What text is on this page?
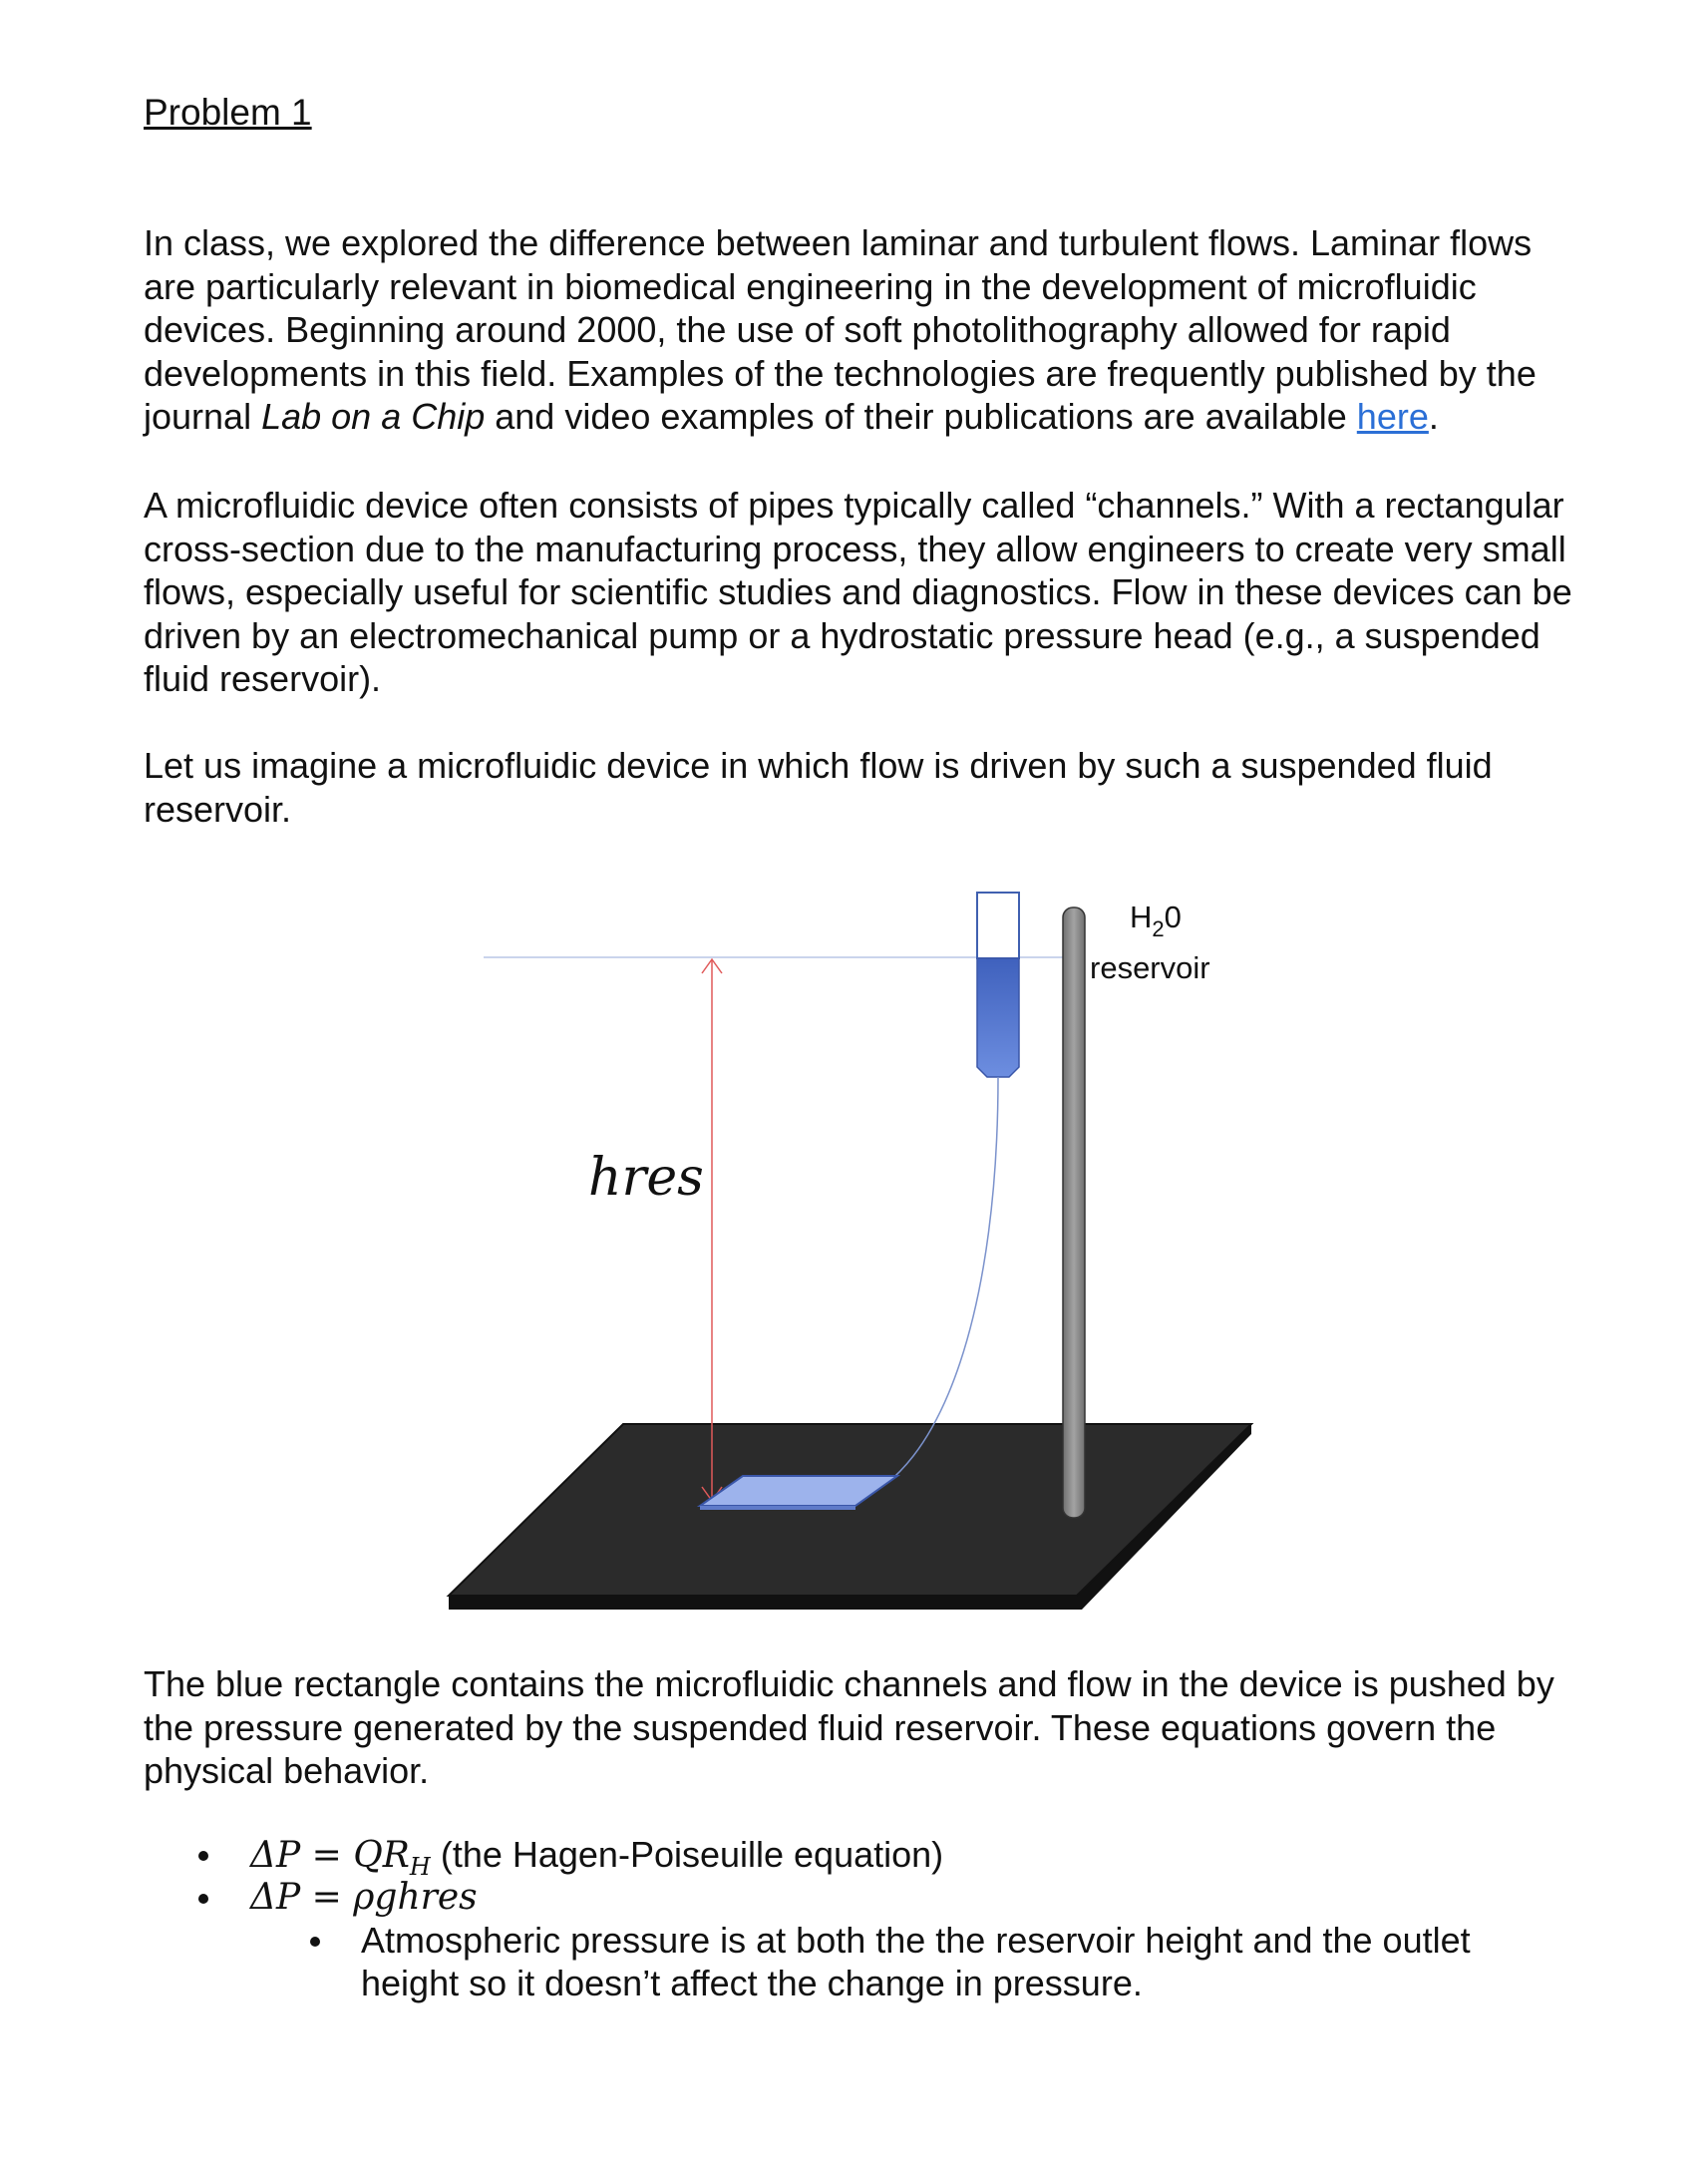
Problem 1

In class, we explored the difference between laminar and turbulent flows. Laminar flows are particularly relevant in biomedical engineering in the development of microfluidic devices. Beginning around 2000, the use of soft photolithography allowed for rapid developments in this field. Examples of the technologies are frequently published by the journal Lab on a Chip and video examples of their publications are available here.

A microfluidic device often consists of pipes typically called “channels.” With a rectangular cross-section due to the manufacturing process, they allow engineers to create very small flows, especially useful for scientific studies and diagnostics. Flow in these devices can be driven by an electromechanical pump or a hydrostatic pressure head (e.g., a suspended fluid reservoir).

Let us imagine a microfluidic device in which flow is driven by such a suspended fluid reservoir.

hres
$H_20$
reservoir

The blue rectangle contains the microfluidic channels and flow in the device is pushed by the pressure generated by the suspended fluid reservoir. These equations govern the physical behavior.

$\Delta P = QR_H$ (the Hagen-Poiseuille equation)
ΔP = ρghres
Atmospheric pressure is at both the the reservoir height and the outlet
height so it doesn’t affect the change in pressure.
